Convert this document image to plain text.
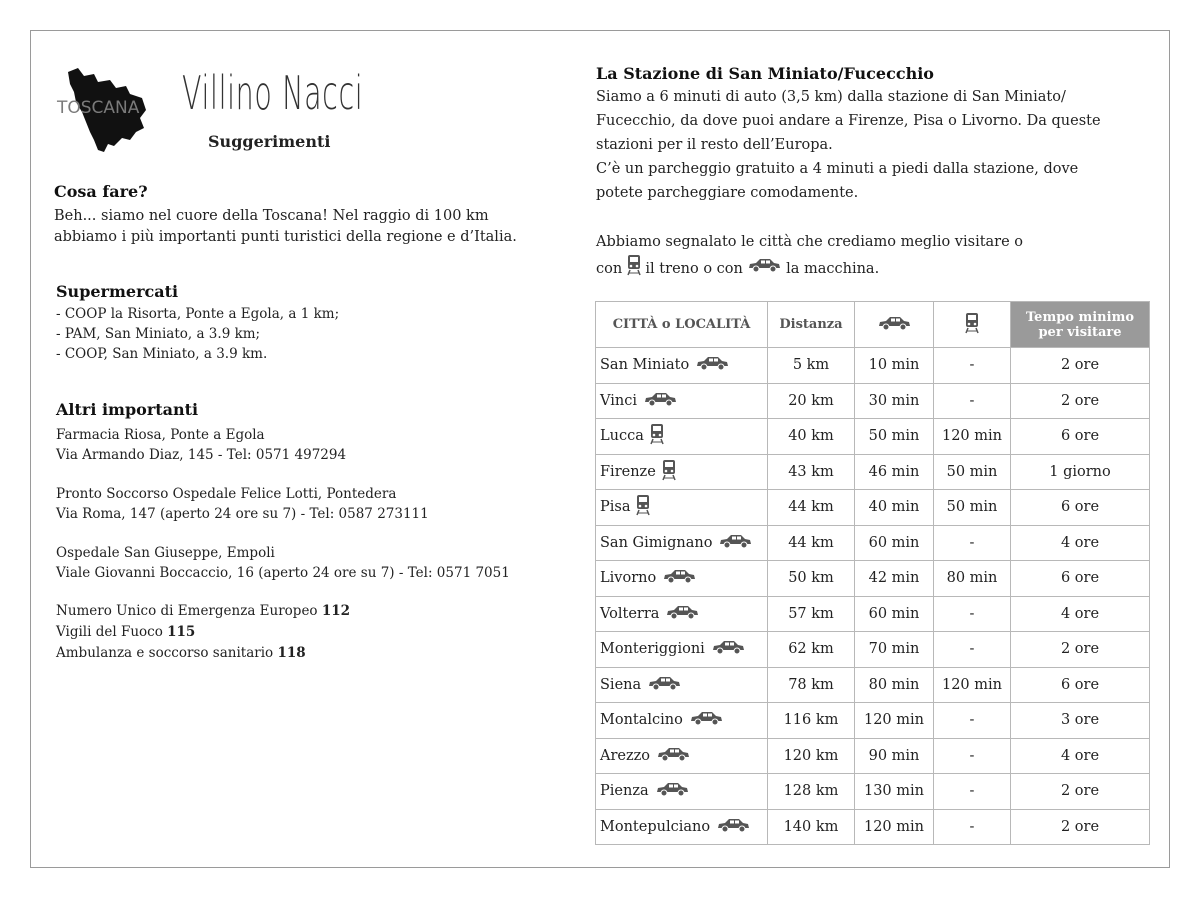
TOSCANA Villino Nacci
Suggerimenti
Cosa fare?
Beh... siamo nel cuore della Toscana! Nel raggio di 100 km
abbiamo i più importanti punti turistici della regione e d’Italia.
Supermercati
- COOP la Risorta, Ponte a Egola, a 1 km;
- PAM, San Miniato, a 3.9 km;
- COOP, San Miniato, a 3.9 km.
Altri importanti
Farmacia Riosa, Ponte a Egola
Via Armando Diaz, 145 - Tel: 0571 497294
Pronto Soccorso Ospedale Felice Lotti, Pontedera
Via Roma, 147 (aperto 24 ore su 7) - Tel: 0587 273111
Ospedale San Giuseppe, Empoli
Viale Giovanni Boccaccio, 16 (aperto 24 ore su 7) - Tel: 0571 7051
Numero Unico di Emergenza Europeo 112
Vigili del Fuoco 115
Ambulanza e soccorso sanitario 118
La Stazione di San Miniato/Fucecchio
Siamo a 6 minuti di auto (3,5 km) dalla stazione di San Miniato/
Fucecchio, da dove puoi andare a Firenze, Pisa o Livorno. Da queste
stazioni per il resto dell’Europa.
C’è un parcheggio gratuito a 4 minuti a piedi dalla stazione, dove
potete parcheggiare comodamente.
Abbiamo segnalato le città che crediamo meglio visitare o
con il treno o con	la macchina.
CITTÀ o LOCALITÀ	Distanza			Tempo minimo per visitare
San Miniato	5 km	10 min	-	2 ore
Vinci	20 km	30 min	-	2 ore
Lucca	40 km	50 min	120 min	6 ore
Firenze	43 km	46 min	50 min	1 giorno
Pisa	44 km	40 min	50 min	6 ore
San Gimignano	44 km	60 min	-	4 ore
Livorno	50 km	42 min	80 min	6 ore
Volterra	57 km	60 min	-	4 ore
Monteriggioni	62 km	70 min	-	2 ore
Siena	78 km	80 min	120 min	6 ore
Montalcino	116 km	120 min	-	3 ore
Arezzo	120 km	90 min	-	4 ore
Pienza	128 km	130 min	-	2 ore
Montepulciano	140 km	120 min	-	2 ore
